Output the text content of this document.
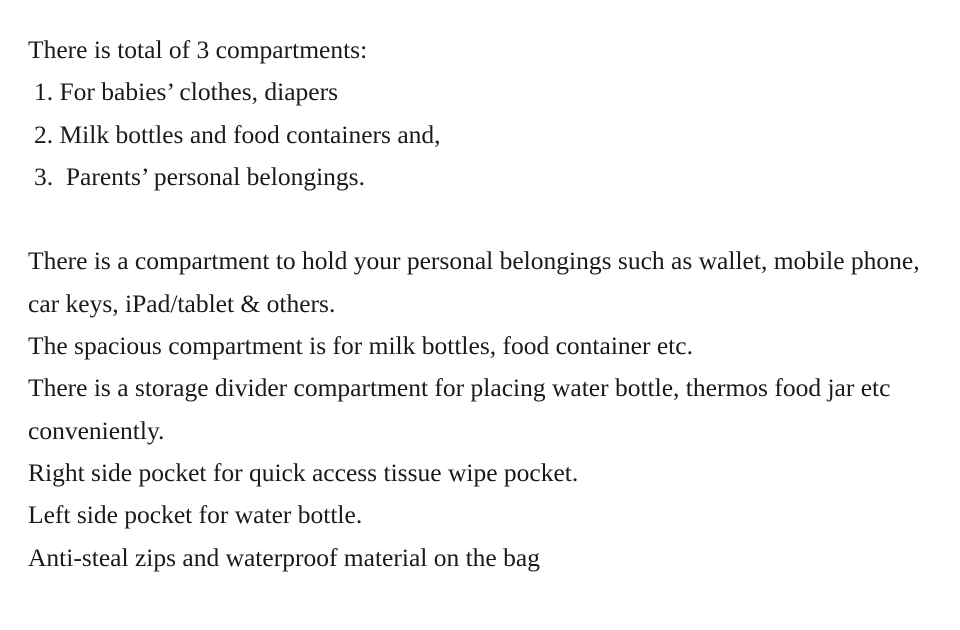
There is total of 3 compartments:
1. For babies’ clothes, diapers
2. Milk bottles and food containers and,
3.  Parents’ personal belongings.

There is a compartment to hold your personal belongings such as wallet, mobile phone, car keys, iPad/tablet & others.

The spacious compartment is for milk bottles, food container etc.

There is a storage divider compartment for placing water bottle, thermos food jar etc conveniently.

Right side pocket for quick access tissue wipe pocket.

Left side pocket for water bottle.

Anti-steal zips and waterproof material on the bag
